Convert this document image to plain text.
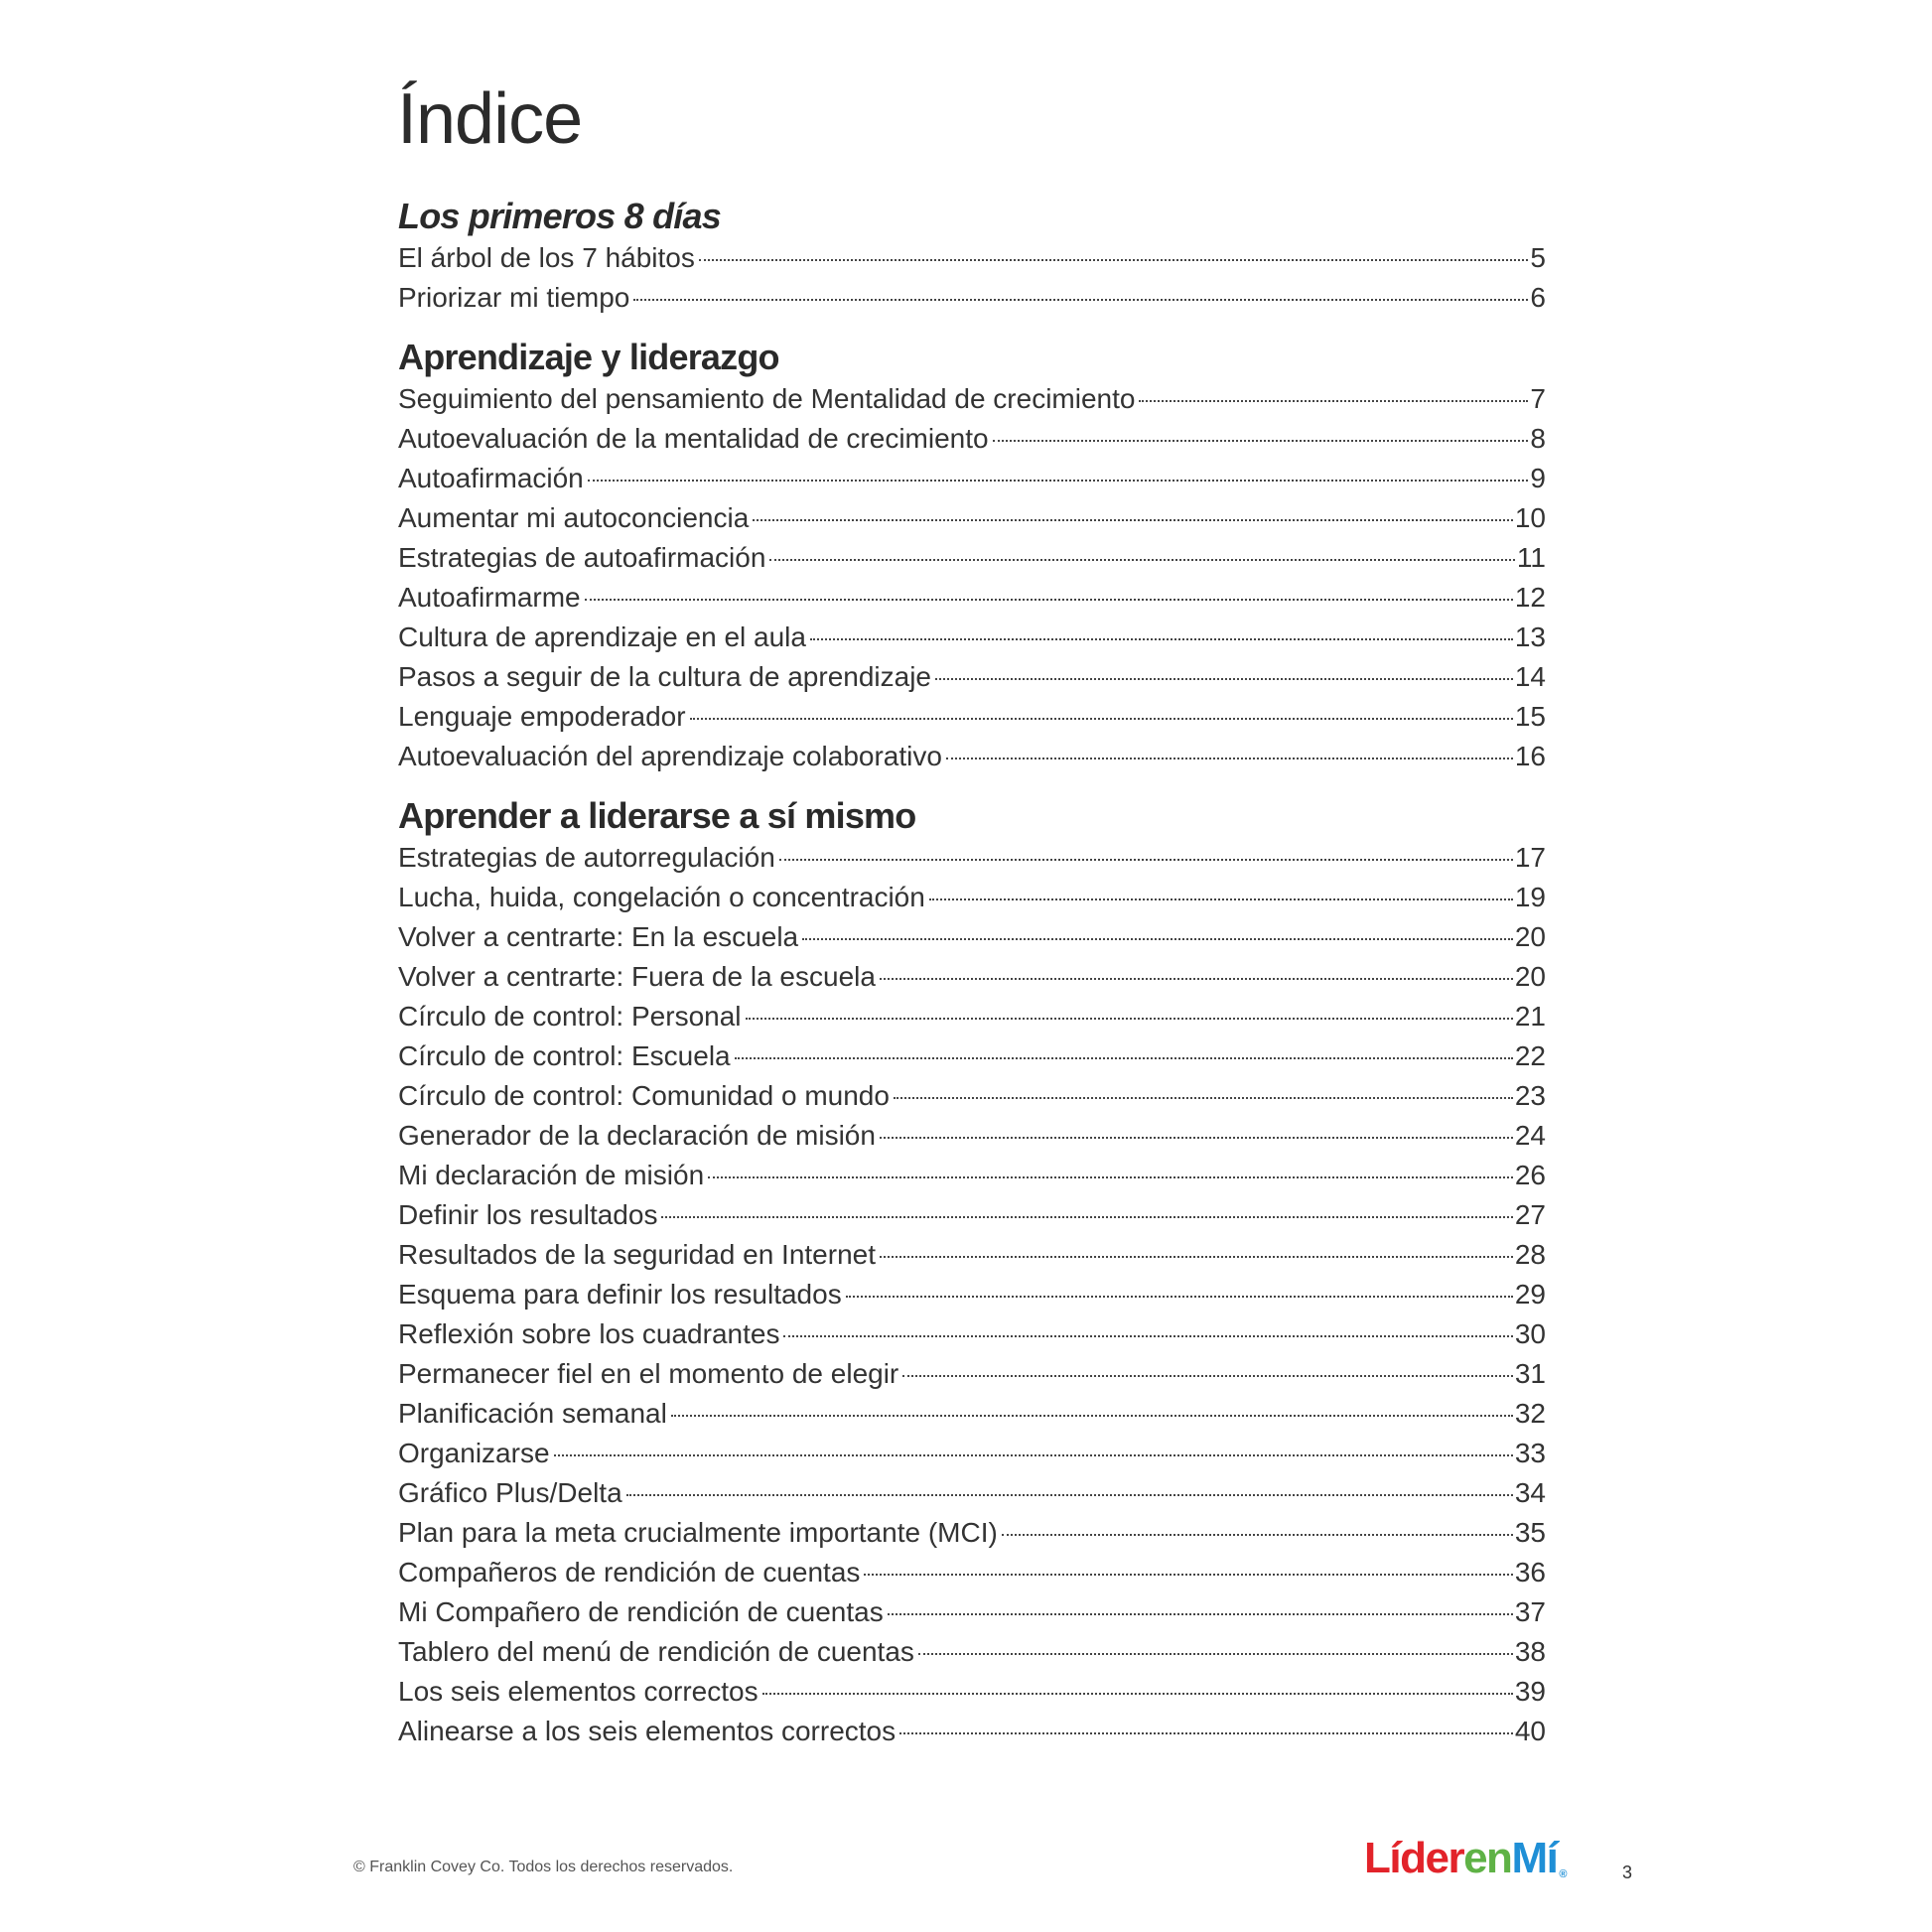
Índice
Los primeros 8 días
El árbol de los 7 hábitos	5
Priorizar mi tiempo	6
Aprendizaje y liderazgo
Seguimiento del pensamiento de Mentalidad de crecimiento	7
Autoevaluación de la mentalidad de crecimiento	8
Autoafirmación	9
Aumentar mi autoconciencia	10
Estrategias de autoafirmación	11
Autoafirmarme	12
Cultura de aprendizaje en el aula	13
Pasos a seguir de la cultura de aprendizaje	14
Lenguaje empoderador	15
Autoevaluación del aprendizaje colaborativo	16
Aprender a liderarse a sí mismo
Estrategias de autorregulación	17
Lucha, huida, congelación o concentración	19
Volver a centrarte: En la escuela	20
Volver a centrarte: Fuera de la escuela	20
Círculo de control: Personal	21
Círculo de control: Escuela	22
Círculo de control: Comunidad o mundo	23
Generador de la declaración de misión	24
Mi declaración de misión	26
Definir los resultados	27
Resultados de la seguridad en Internet	28
Esquema para definir los resultados	29
Reflexión sobre los cuadrantes	30
Permanecer fiel en el momento de elegir	31
Planificación semanal	32
Organizarse	33
Gráfico Plus/Delta	34
Plan para la meta crucialmente importante (MCI)	35
Compañeros de rendición de cuentas	36
Mi Compañero de rendición de cuentas	37
Tablero del menú de rendición de cuentas	38
Los seis elementos correctos	39
Alinearse a los seis elementos correctos	40
© Franklin Covey Co. Todos los derechos reservados.	LíderenMí ®	3
